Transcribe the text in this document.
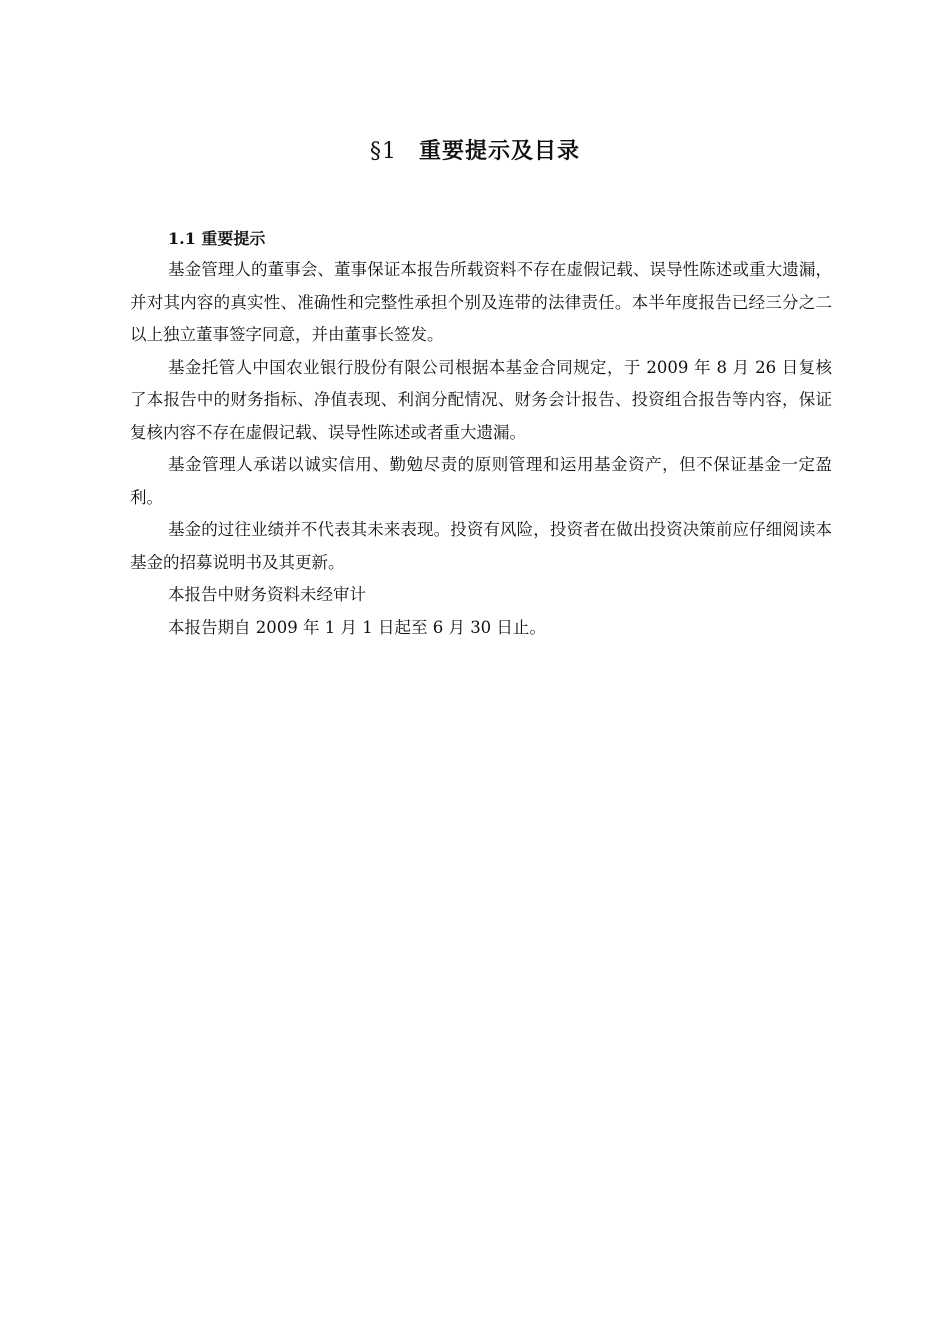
§1 重要提示及目录

1.1 重要提示

基金管理人的董事会、董事保证本报告所载资料不存在虚假记载、误导性陈述或重大遗漏，并对其内容的真实性、准确性和完整性承担个别及连带的法律责任。本半年度报告已经三分之二以上独立董事签字同意，并由董事长签发。

基金托管人中国农业银行股份有限公司根据本基金合同规定，于 2009 年 8 月 26 日复核了本报告中的财务指标、净值表现、利润分配情况、财务会计报告、投资组合报告等内容，保证复核内容不存在虚假记载、误导性陈述或者重大遗漏。

基金管理人承诺以诚实信用、勤勉尽责的原则管理和运用基金资产，但不保证基金一定盈利。

基金的过往业绩并不代表其未来表现。投资有风险，投资者在做出投资决策前应仔细阅读本基金的招募说明书及其更新。

本报告中财务资料未经审计

本报告期自 2009 年 1 月 1 日起至 6 月 30 日止。
